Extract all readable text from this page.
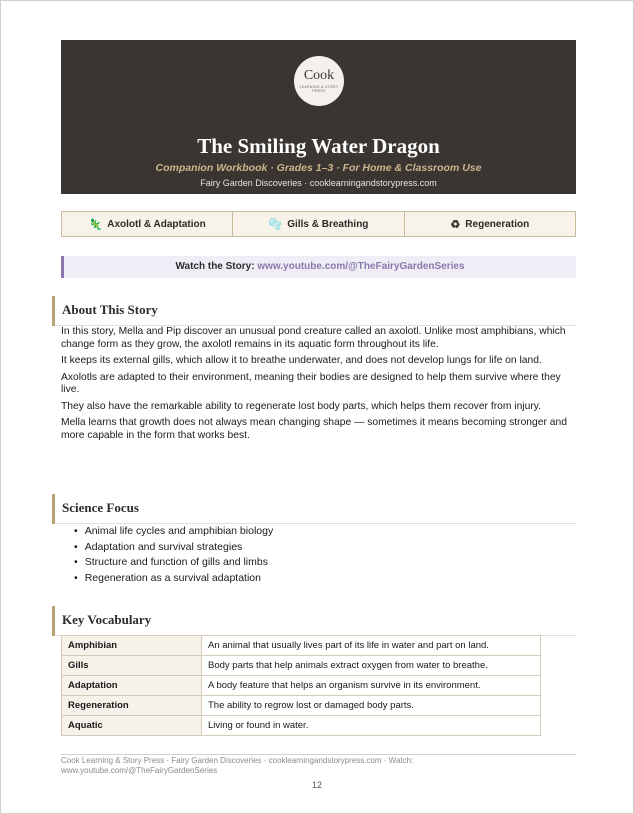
Cook
LEARNING & STORY PRESS
The Smiling Water Dragon
Companion Workbook · Grades 1–3 · For Home & Classroom Use
Fairy Garden Discoveries · cooklearningandstorypress.com
🦎 Axolotl & Adaptation	🫧 Gills & Breathing	♻ Regeneration
Watch the Story: www.youtube.com/@TheFairyGardenSeries
About This Story

In this story, Mella and Pip discover an unusual pond creature called an axolotl. Unlike most amphibians, which change form as they grow, the axolotl remains in its aquatic form throughout its life.

It keeps its external gills, which allow it to breathe underwater, and does not develop lungs for life on land.

Axolotls are adapted to their environment, meaning their bodies are designed to help them survive where they live.

They also have the remarkable ability to regenerate lost body parts, which helps them recover from injury.

Mella learns that growth does not always mean changing shape — sometimes it means becoming stronger and more capable in the form that works best.

Science Focus
• Animal life cycles and amphibian biology
• Adaptation and survival strategies
• Structure and function of gills and limbs
• Regeneration as a survival adaptation
Key Vocabulary
Amphibian	An animal that usually lives part of its life in water and part on land.
Gills	Body parts that help animals extract oxygen from water to breathe.
Adaptation	A body feature that helps an organism survive in its environment.
Regeneration	The ability to regrow lost or damaged body parts.
Aquatic	Living or found in water.
Cook Learning & Story Press · Fairy Garden Discoveries · cooklearningandstorypress.com · Watch: www.youtube.com/@TheFairyGardenSeries
12
